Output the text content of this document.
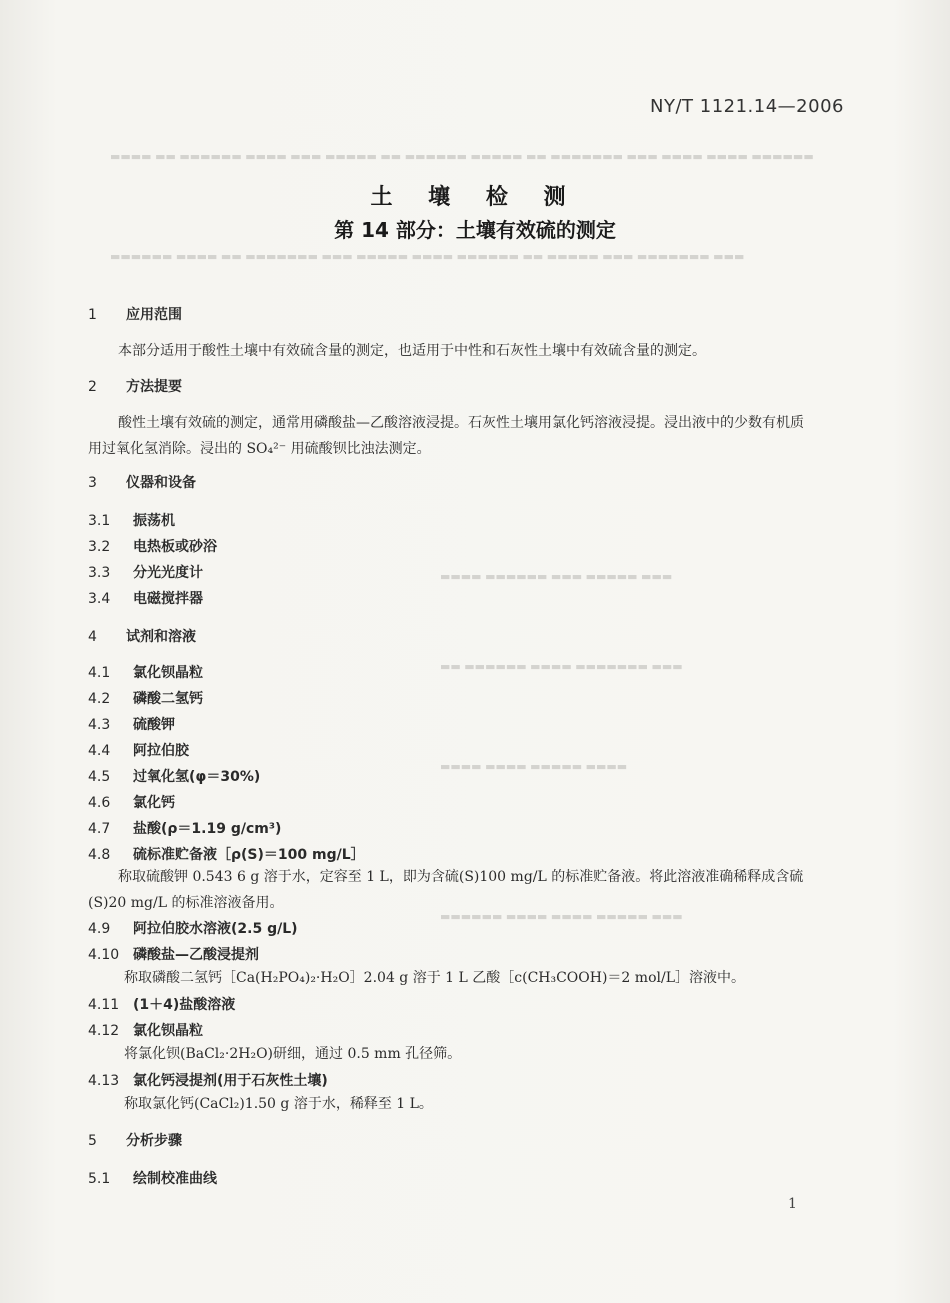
▬▬▬▬ ▬▬ ▬▬▬▬▬▬ ▬▬▬▬ ▬▬▬ ▬▬▬▬▬ ▬▬ ▬▬▬▬▬▬ ▬▬▬▬▬ ▬▬ ▬▬▬▬▬▬▬ ▬▬▬ ▬▬▬▬ ▬▬▬▬ ▬▬▬▬▬▬
▬▬▬▬▬▬ ▬▬▬▬ ▬▬ ▬▬▬▬▬▬▬ ▬▬▬ ▬▬▬▬▬ ▬▬▬▬ ▬▬▬▬▬▬ ▬▬ ▬▬▬▬▬ ▬▬▬ ▬▬▬▬▬▬▬ ▬▬▬
▬▬▬▬ ▬▬▬▬▬▬ ▬▬▬ ▬▬▬▬▬ ▬▬▬
▬▬ ▬▬▬▬▬▬ ▬▬▬▬ ▬▬▬▬▬▬▬ ▬▬▬
▬▬▬▬ ▬▬▬▬ ▬▬▬▬▬ ▬▬▬▬
▬▬▬▬▬▬ ▬▬▬▬ ▬▬▬▬ ▬▬▬▬▬ ▬▬▬
NY/T 1121.14—2006
土 壤 检 测
第 14 部分：土壤有效硫的测定
1 应用范围
本部分适用于酸性土壤中有效硫含量的测定，也适用于中性和石灰性土壤中有效硫含量的测定。
2 方法提要
酸性土壤有效硫的测定，通常用磷酸盐—乙酸溶液浸提。石灰性土壤用氯化钙溶液浸提。浸出液中的少数有机质用过氧化氢消除。浸出的 SO₄²⁻ 用硫酸钡比浊法测定。
3 仪器和设备
3.1 振荡机
3.2 电热板或砂浴
3.3 分光光度计
3.4 电磁搅拌器
4 试剂和溶液
4.1 氯化钡晶粒
4.2 磷酸二氢钙
4.3 硫酸钾
4.4 阿拉伯胶
4.5 过氧化氢(φ＝30%)
4.6 氯化钙
4.7 盐酸(ρ＝1.19 g/cm³)
4.8 硫标准贮备液［ρ(S)＝100 mg/L］
称取硫酸钾 0.543 6 g 溶于水，定容至 1 L，即为含硫(S)100 mg/L 的标准贮备液。将此溶液准确稀释成含硫(S)20 mg/L 的标准溶液备用。
4.9 阿拉伯胶水溶液(2.5 g/L)
4.10 磷酸盐—乙酸浸提剂
称取磷酸二氢钙［Ca(H₂PO₄)₂·H₂O］2.04 g 溶于 1 L 乙酸［c(CH₃COOH)＝2 mol/L］溶液中。
4.11 (1＋4)盐酸溶液
4.12 氯化钡晶粒
将氯化钡(BaCl₂·2H₂O)研细，通过 0.5 mm 孔径筛。
4.13 氯化钙浸提剂(用于石灰性土壤)
称取氯化钙(CaCl₂)1.50 g 溶于水，稀释至 1 L。
5 分析步骤
5.1 绘制校准曲线
1
